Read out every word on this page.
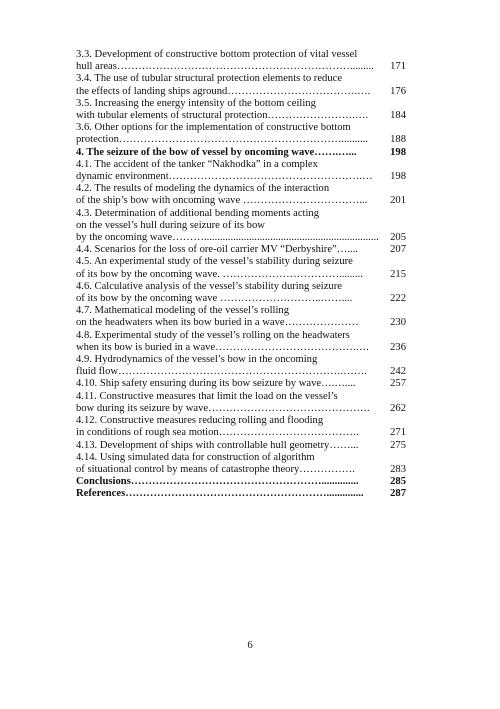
3.3. Development of constructive bottom protection of vital vessel
hull areas………………………………………………………….........	171
3.4. The use of tubular structural protection elements to reduce
the effects of landing ships aground……………………………….….	176
3.5. Increasing the energy intensity of the bottom ceiling
with tubular elements of structural protection…………………….….	184
3.6. Other options for the implementation of constructive bottom
protection………………………………………………………..........	188
4. The seizure of the bow of vessel by oncoming wave…….…...	198
4.1. The accident of the tanker “Nakhodka” in a complex
dynamic environment……………………………………………….…	198
4.2. The results of modeling the dynamics of the interaction
of the ship’s bow with oncoming wave ……………………………...	201
4.3. Determination of additional bending moments acting
on the vessel’s hull during seizure of its bow
by the oncoming wave………..................................................................	205
4.4. Scenarios for the loss of ore-oil carrier MV “Derbyshire”…....	207
4.5. An experimental study of the vessel’s stability during seizure
of its bow by the oncoming wave. …………………………….........	215
4.6. Calculative analysis of the vessel’s stability during seizure
of its bow by the oncoming wave ………………………..……....	222
4.7. Mathematical modeling of the vessel’s rolling
on the headwaters when its bow buried in a wave…………………	230
4.8. Experimental study of the vessel’s rolling on the headwaters
when its bow is buried in a wave………………………………….….	236
4.9. Hydrodynamics of the vessel’s bow in the oncoming
fluid flow……………………………………………………….…….	242
4.10. Ship safety ensuring during its bow seizure by wave….…....	257
4.11. Constructive measures that limit the load on the vessel’s
bow during its seizure by wave……………………………………….	262
4.12. Constructive measures reducing rolling and flooding
in conditions of rough sea motion………………………………….	271
4.13. Development of ships with controllable hull geometry……...	275
4.14. Using simulated data for construction of algorithm
of situational control by means of catastrophe theory…………….	283
Conclusions………………………………………………..............	285
References…………………………………………………..............	287
6
